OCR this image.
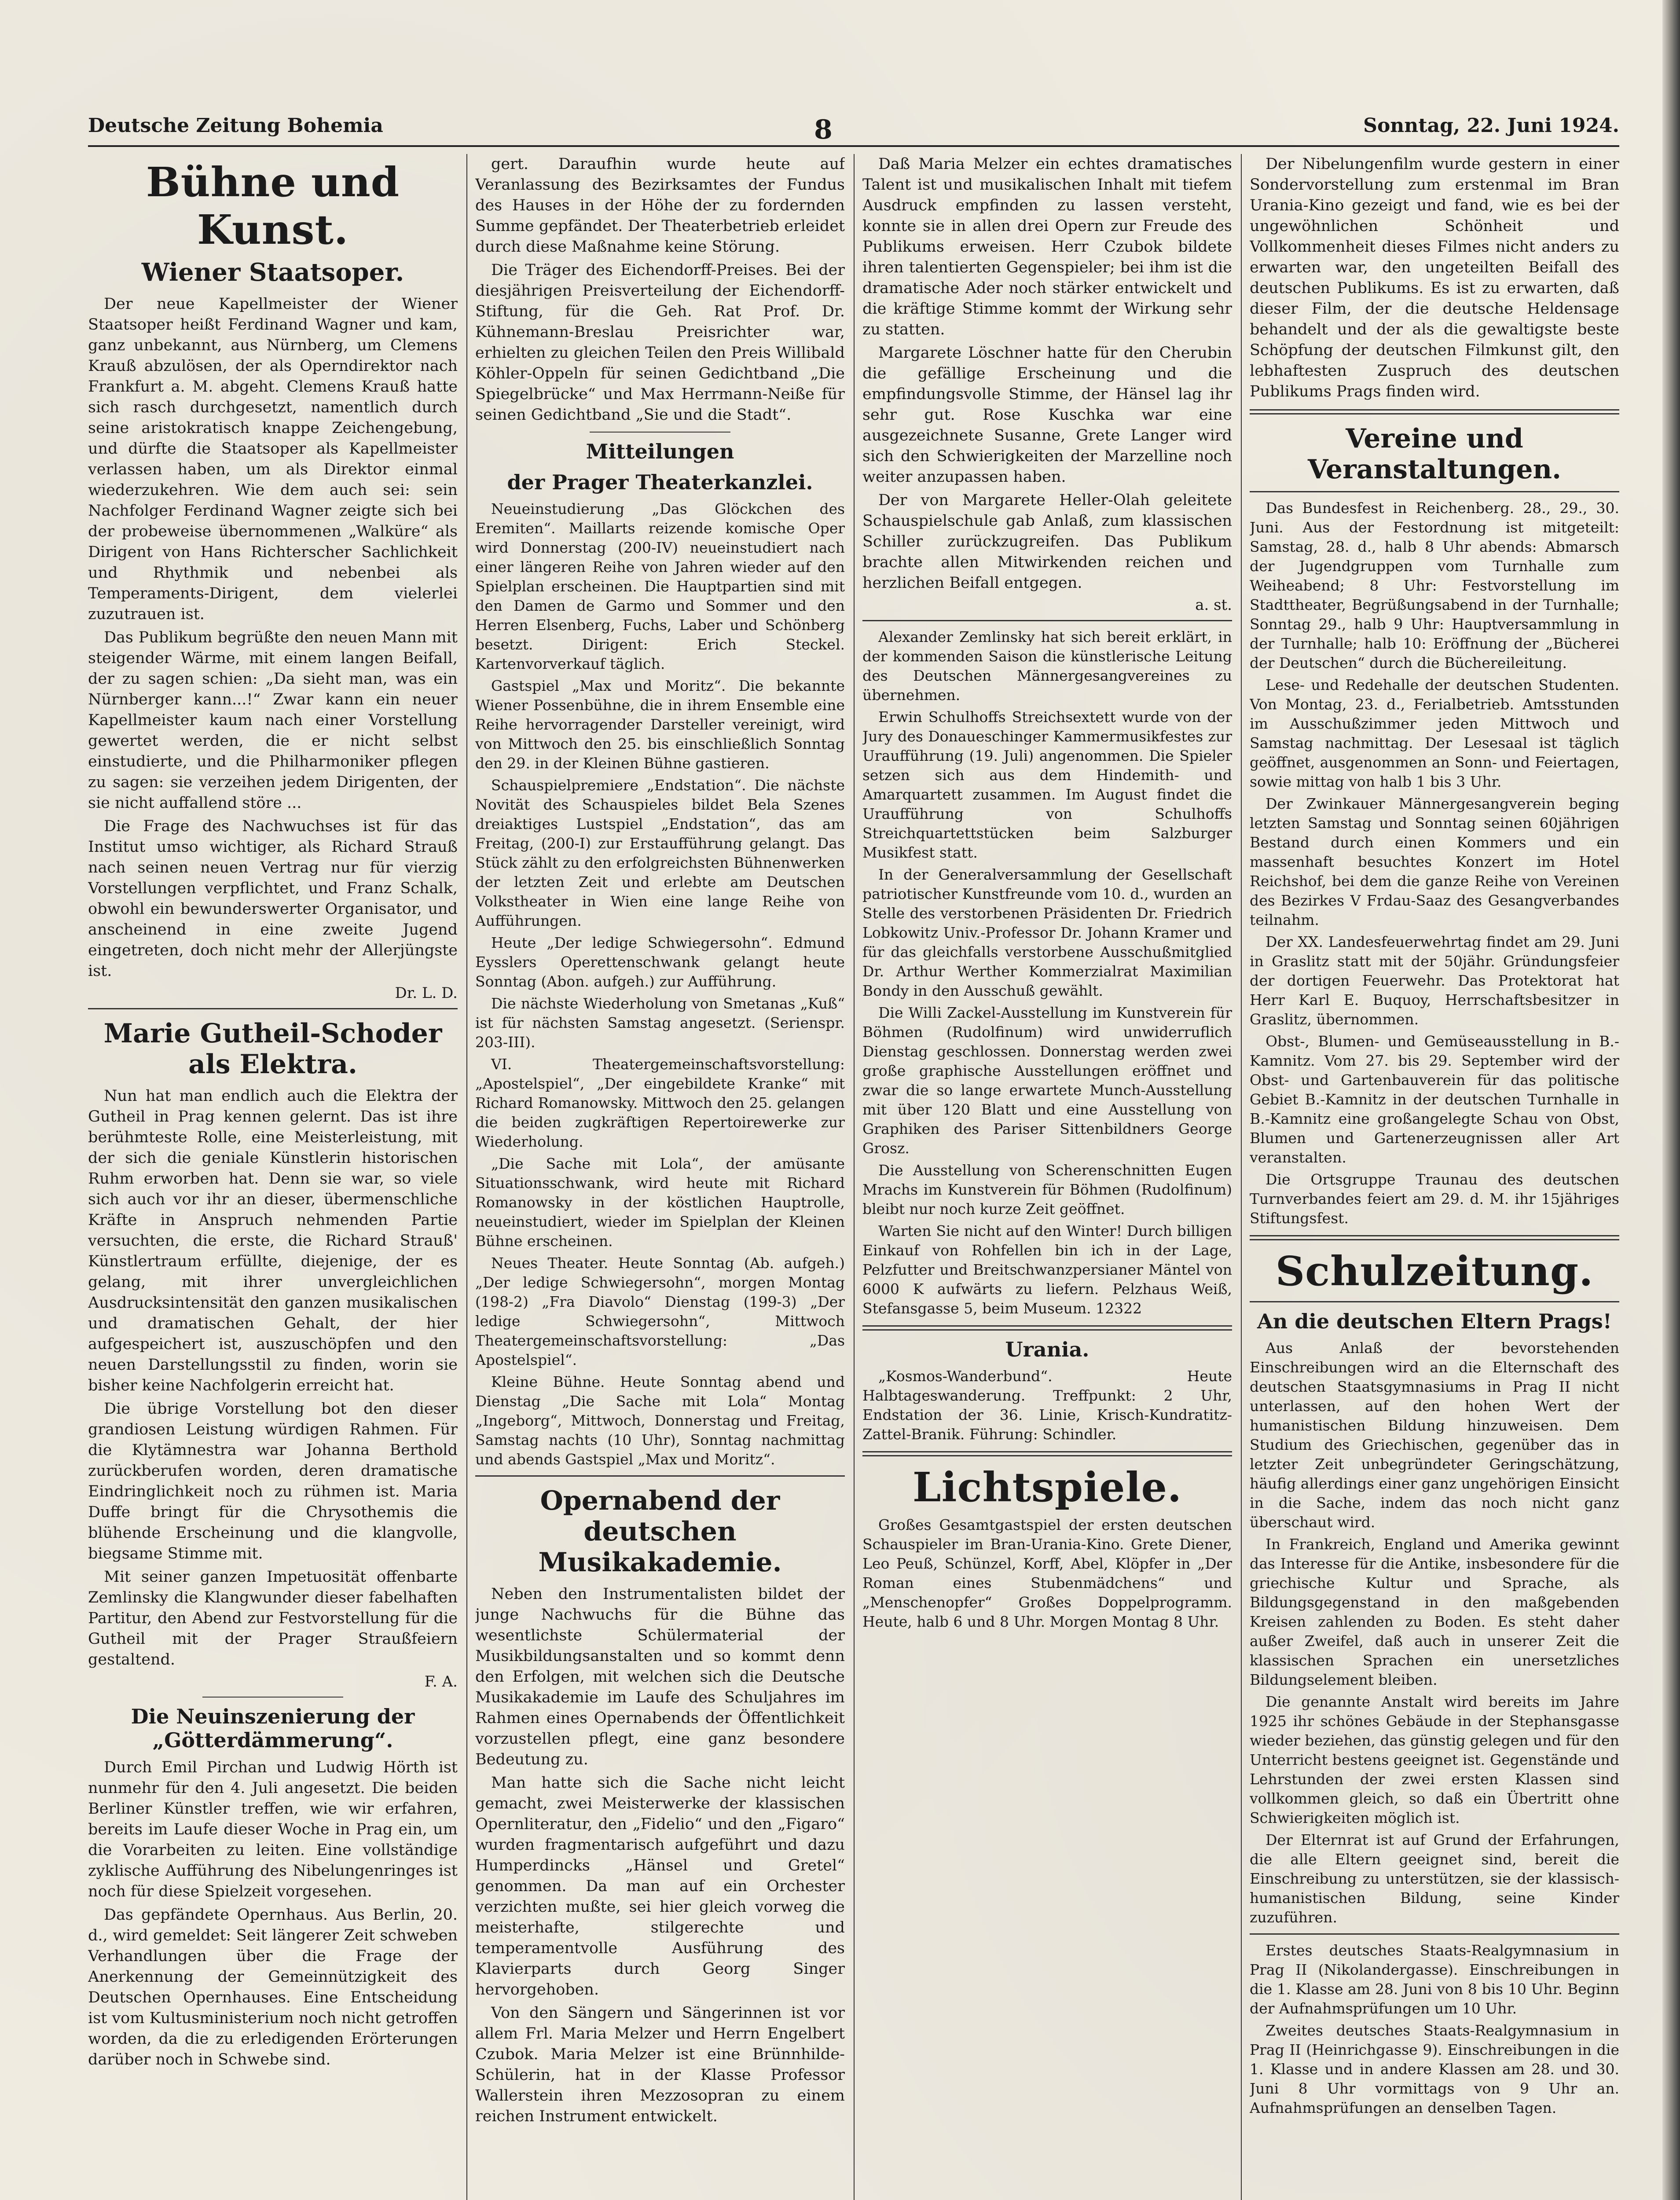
Deutsche Zeitung Bohemia	8	Sonntag, 22. Juni 1924.
Bühne und Kunst.
Wiener Staatsoper.

Der neue Kapellmeister der Wiener Staatsoper heißt Ferdinand Wagner und kam, ganz unbekannt, aus Nürnberg, um Clemens Krauß abzulösen, der als Operndirektor nach Frankfurt a. M. abgeht. Clemens Krauß hatte sich rasch durchgesetzt, namentlich durch seine aristokratisch knappe Zeichengebung, und dürfte die Staatsoper als Kapellmeister verlassen haben, um als Direktor einmal wiederzukehren. Wie dem auch sei: sein Nachfolger Ferdinand Wagner zeigte sich bei der probeweise übernommenen „Walküre“ als Dirigent von Hans Richterscher Sachlichkeit und Rhythmik und nebenbei als Temperaments-Dirigent, dem vielerlei zuzutrauen ist.

Das Publikum begrüßte den neuen Mann mit steigender Wärme, mit einem langen Beifall, der zu sagen schien: „Da sieht man, was ein Nürnberger kann...!“ Zwar kann ein neuer Kapellmeister kaum nach einer Vorstellung gewertet werden, die er nicht selbst einstudierte, und die Philharmoniker pflegen zu sagen: sie verzeihen jedem Dirigenten, der sie nicht auffallend störe ...

Die Frage des Nachwuchses ist für das Institut umso wichtiger, als Richard Strauß nach seinen neuen Vertrag nur für vierzig Vorstellungen verpflichtet, und Franz Schalk, obwohl ein bewunderswerter Organisator, und anscheinend in eine zweite Jugend eingetreten, doch nicht mehr der Allerjüngste ist.

Dr. L. D.
Marie Gutheil-Schoder als Elektra.

Nun hat man endlich auch die Elektra der Gutheil in Prag kennen gelernt. Das ist ihre berühmteste Rolle, eine Meisterleistung, mit der sich die geniale Künstlerin historischen Ruhm erworben hat. Denn sie war, so viele sich auch vor ihr an dieser, übermenschliche Kräfte in Anspruch nehmenden Partie versuchten, die erste, die Richard Strauß' Künstlertraum erfüllte, diejenige, der es gelang, mit ihrer unvergleichlichen Ausdrucksintensität den ganzen musikalischen und dramatischen Gehalt, der hier aufgespeichert ist, auszuschöpfen und den neuen Darstellungsstil zu finden, worin sie bisher keine Nachfolgerin erreicht hat.

Die übrige Vorstellung bot den dieser grandiosen Leistung würdigen Rahmen. Für die Klytämnestra war Johanna Berthold zurückberufen worden, deren dramatische Eindringlichkeit noch zu rühmen ist. Maria Duffe bringt für die Chrysothemis die blühende Erscheinung und die klangvolle, biegsame Stimme mit.

Mit seiner ganzen Impetuosität offenbarte Zemlinsky die Klangwunder dieser fabelhaften Partitur, den Abend zur Festvorstellung für die Gutheil mit der Prager Straußfeiern gestaltend.

F. A.
Die Neuinszenierung der „Götterdämmerung“.

Durch Emil Pirchan und Ludwig Hörth ist nunmehr für den 4. Juli angesetzt. Die beiden Berliner Künstler treffen, wie wir erfahren, bereits im Laufe dieser Woche in Prag ein, um die Vorarbeiten zu leiten. Eine vollständige zyklische Aufführung des Nibelungenringes ist noch für diese Spielzeit vorgesehen.

Das gepfändete Opernhaus. Aus Berlin, 20. d., wird gemeldet: Seit längerer Zeit schweben Verhandlungen über die Frage der Anerkennung der Gemeinnützigkeit des Deutschen Opernhauses. Eine Entscheidung ist vom Kultusministerium noch nicht getroffen worden, da die zu erledigenden Erörterungen darüber noch in Schwebe sind.

gert. Daraufhin wurde heute auf Veranlassung des Bezirksamtes der Fundus des Hauses in der Höhe der zu fordernden Summe gepfändet. Der Theaterbetrieb erleidet durch diese Maßnahme keine Störung.

Die Träger des Eichendorff-Preises. Bei der diesjährigen Preisverteilung der Eichendorff-Stiftung, für die Geh. Rat Prof. Dr. Kühnemann-Breslau Preisrichter war, erhielten zu gleichen Teilen den Preis Willibald Köhler-Oppeln für seinen Gedichtband „Die Spiegelbrücke“ und Max Herrmann-Neiße für seinen Gedichtband „Sie und die Stadt“.

Mitteilungen
der Prager Theaterkanzlei.

Neueinstudierung „Das Glöckchen des Eremiten“. Maillarts reizende komische Oper wird Donnerstag (200-IV) neueinstudiert nach einer längeren Reihe von Jahren wieder auf den Spielplan erscheinen. Die Hauptpartien sind mit den Damen de Garmo und Sommer und den Herren Elsenberg, Fuchs, Laber und Schönberg besetzt. Dirigent: Erich Steckel. Kartenvorverkauf täglich.

Gastspiel „Max und Moritz“. Die bekannte Wiener Possenbühne, die in ihrem Ensemble eine Reihe hervorragender Darsteller vereinigt, wird von Mittwoch den 25. bis einschließlich Sonntag den 29. in der Kleinen Bühne gastieren.

Schauspielpremiere „Endstation“. Die nächste Novität des Schauspieles bildet Bela Szenes dreiaktiges Lustspiel „Endstation“, das am Freitag, (200-I) zur Erstaufführung gelangt. Das Stück zählt zu den erfolgreichsten Bühnenwerken der letzten Zeit und erlebte am Deutschen Volkstheater in Wien eine lange Reihe von Aufführungen.

Heute „Der ledige Schwiegersohn“. Edmund Eysslers Operettenschwank gelangt heute Sonntag (Abon. aufgeh.) zur Aufführung.

Die nächste Wiederholung von Smetanas „Kuß“ ist für nächsten Samstag angesetzt. (Serienspr. 203-III).

VI. Theatergemeinschaftsvorstellung: „Apostelspiel“, „Der eingebildete Kranke“ mit Richard Romanowsky. Mittwoch den 25. gelangen die beiden zugkräftigen Repertoirewerke zur Wiederholung.

„Die Sache mit Lola“, der amüsante Situationsschwank, wird heute mit Richard Romanowsky in der köstlichen Hauptrolle, neueinstudiert, wieder im Spielplan der Kleinen Bühne erscheinen.

Neues Theater. Heute Sonntag (Ab. aufgeh.) „Der ledige Schwiegersohn“, morgen Montag (198-2) „Fra Diavolo“ Dienstag (199-3) „Der ledige Schwiegersohn“, Mittwoch Theatergemeinschaftsvorstellung: „Das Apostelspiel“.

Kleine Bühne. Heute Sonntag abend und Dienstag „Die Sache mit Lola“ Montag „Ingeborg“, Mittwoch, Donnerstag und Freitag, Samstag nachts (10 Uhr), Sonntag nachmittag und abends Gastspiel „Max und Moritz“.

Opernabend der deutschen Musikakademie.

Neben den Instrumentalisten bildet der junge Nachwuchs für die Bühne das wesentlichste Schülermaterial der Musikbildungsanstalten und so kommt denn den Erfolgen, mit welchen sich die Deutsche Musikakademie im Laufe des Schuljahres im Rahmen eines Opernabends der Öffentlichkeit vorzustellen pflegt, eine ganz besondere Bedeutung zu.

Man hatte sich die Sache nicht leicht gemacht, zwei Meisterwerke der klassischen Opernliteratur, den „Fidelio“ und den „Figaro“ wurden fragmentarisch aufgeführt und dazu Humperdincks „Hänsel und Gretel“ genommen. Da man auf ein Orchester verzichten mußte, sei hier gleich vorweg die meisterhafte, stilgerechte und temperamentvolle Ausführung des Klavierparts durch Georg Singer hervorgehoben.

Von den Sängern und Sängerinnen ist vor allem Frl. Maria Melzer und Herrn Engelbert Czubok. Maria Melzer ist eine Brünnhilde-Schülerin, hat in der Klasse Professor Wallerstein ihren Mezzosopran zu einem reichen Instrument entwickelt.

Daß Maria Melzer ein echtes dramatisches Talent ist und musikalischen Inhalt mit tiefem Ausdruck empfinden zu lassen versteht, konnte sie in allen drei Opern zur Freude des Publikums erweisen. Herr Czubok bildete ihren talentierten Gegenspieler; bei ihm ist die dramatische Ader noch stärker entwickelt und die kräftige Stimme kommt der Wirkung sehr zu statten.

Margarete Löschner hatte für den Cherubin die gefällige Erscheinung und die empfindungsvolle Stimme, der Hänsel lag ihr sehr gut. Rose Kuschka war eine ausgezeichnete Susanne, Grete Langer wird sich den Schwierigkeiten der Marzelline noch weiter anzupassen haben.

Der von Margarete Heller-Olah geleitete Schauspielschule gab Anlaß, zum klassischen Schiller zurückzugreifen. Das Publikum brachte allen Mitwirkenden reichen und herzlichen Beifall entgegen.

a. st.

Alexander Zemlinsky hat sich bereit erklärt, in der kommenden Saison die künstlerische Leitung des Deutschen Männergesangvereines zu übernehmen.

Erwin Schulhoffs Streichsextett wurde von der Jury des Donaueschinger Kammermusikfestes zur Uraufführung (19. Juli) angenommen. Die Spieler setzen sich aus dem Hindemith- und Amarquartett zusammen. Im August findet die Uraufführung von Schulhoffs Streichquartettstücken beim Salzburger Musikfest statt.

In der Generalversammlung der Gesellschaft patriotischer Kunstfreunde vom 10. d., wurden an Stelle des verstorbenen Präsidenten Dr. Friedrich Lobkowitz Univ.-Professor Dr. Johann Kramer und für das gleichfalls verstorbene Ausschußmitglied Dr. Arthur Werther Kommerzialrat Maximilian Bondy in den Ausschuß gewählt.

Die Willi Zackel-Ausstellung im Kunstverein für Böhmen (Rudolfinum) wird unwiderruflich Dienstag geschlossen. Donnerstag werden zwei große graphische Ausstellungen eröffnet und zwar die so lange erwartete Munch-Ausstellung mit über 120 Blatt und eine Ausstellung von Graphiken des Pariser Sittenbildners George Grosz.

Die Ausstellung von Scherenschnitten Eugen Mrachs im Kunstverein für Böhmen (Rudolfinum) bleibt nur noch kurze Zeit geöffnet.

Warten Sie nicht auf den Winter! Durch billigen Einkauf von Rohfellen bin ich in der Lage, Pelzfutter und Breitschwanzpersianer Mäntel von 6000 K aufwärts zu liefern. Pelzhaus Weiß, Stefansgasse 5, beim Museum. 12322

Urania.

„Kosmos-Wanderbund“. Heute Halbtageswanderung. Treffpunkt: 2 Uhr, Endstation der 36. Linie, Krisch-Kundratitz-Zattel-Branik. Führung: Schindler.

Lichtspiele.

Großes Gesamtgastspiel der ersten deutschen Schauspieler im Bran-Urania-Kino. Grete Diener, Leo Peuß, Schünzel, Korff, Abel, Klöpfer in „Der Roman eines Stubenmädchens“ und „Menschenopfer“ Großes Doppelprogramm. Heute, halb 6 und 8 Uhr. Morgen Montag 8 Uhr.

Der Nibelungenfilm wurde gestern in einer Sondervorstellung zum erstenmal im Bran Urania-Kino gezeigt und fand, wie es bei der ungewöhnlichen Schönheit und Vollkommenheit dieses Filmes nicht anders zu erwarten war, den ungeteilten Beifall des deutschen Publikums. Es ist zu erwarten, daß dieser Film, der die deutsche Heldensage behandelt und der als die gewaltigste beste Schöpfung der deutschen Filmkunst gilt, den lebhaftesten Zuspruch des deutschen Publikums Prags finden wird.

Vereine und Veranstaltungen.

Das Bundesfest in Reichenberg. 28., 29., 30. Juni. Aus der Festordnung ist mitgeteilt: Samstag, 28. d., halb 8 Uhr abends: Abmarsch der Jugendgruppen vom Turnhalle zum Weiheabend; 8 Uhr: Festvorstellung im Stadttheater, Begrüßungsabend in der Turnhalle; Sonntag 29., halb 9 Uhr: Hauptversammlung in der Turnhalle; halb 10: Eröffnung der „Bücherei der Deutschen“ durch die Büchereileitung.

Lese- und Redehalle der deutschen Studenten. Von Montag, 23. d., Ferialbetrieb. Amtsstunden im Ausschußzimmer jeden Mittwoch und Samstag nachmittag. Der Lesesaal ist täglich geöffnet, ausgenommen an Sonn- und Feiertagen, sowie mittag von halb 1 bis 3 Uhr.

Der Zwinkauer Männergesangverein beging letzten Samstag und Sonntag seinen 60jährigen Bestand durch einen Kommers und ein massenhaft besuchtes Konzert im Hotel Reichshof, bei dem die ganze Reihe von Vereinen des Bezirkes V Frdau-Saaz des Gesangverbandes teilnahm.

Der XX. Landesfeuerwehrtag findet am 29. Juni in Graslitz statt mit der 50jähr. Gründungsfeier der dortigen Feuerwehr. Das Protektorat hat Herr Karl E. Buquoy, Herrschaftsbesitzer in Graslitz, übernommen.

Obst-, Blumen- und Gemüseausstellung in B.-Kamnitz. Vom 27. bis 29. September wird der Obst- und Gartenbauverein für das politische Gebiet B.-Kamnitz in der deutschen Turnhalle in B.-Kamnitz eine großangelegte Schau von Obst, Blumen und Gartenerzeugnissen aller Art veranstalten.

Die Ortsgruppe Traunau des deutschen Turnverbandes feiert am 29. d. M. ihr 15jähriges Stiftungsfest.

Schulzeitung.
An die deutschen Eltern Prags!

Aus Anlaß der bevorstehenden Einschreibungen wird an die Elternschaft des deutschen Staatsgymnasiums in Prag II nicht unterlassen, auf den hohen Wert der humanistischen Bildung hinzuweisen. Dem Studium des Griechischen, gegenüber das in letzter Zeit unbegründeter Geringschätzung, häufig allerdings einer ganz ungehörigen Einsicht in die Sache, indem das noch nicht ganz überschaut wird.

In Frankreich, England und Amerika gewinnt das Interesse für die Antike, insbesondere für die griechische Kultur und Sprache, als Bildungsgegenstand in den maßgebenden Kreisen zahlenden zu Boden. Es steht daher außer Zweifel, daß auch in unserer Zeit die klassischen Sprachen ein unersetzliches Bildungselement bleiben.

Die genannte Anstalt wird bereits im Jahre 1925 ihr schönes Gebäude in der Stephansgasse wieder beziehen, das günstig gelegen und für den Unterricht bestens geeignet ist. Gegenstände und Lehrstunden der zwei ersten Klassen sind vollkommen gleich, so daß ein Übertritt ohne Schwierigkeiten möglich ist.

Der Elternrat ist auf Grund der Erfahrungen, die alle Eltern geeignet sind, bereit die Einschreibung zu unterstützen, sie der klassisch-humanistischen Bildung, seine Kinder zuzuführen.

Erstes deutsches Staats-Realgymnasium in Prag II (Nikolandergasse). Einschreibungen in die 1. Klasse am 28. Juni von 8 bis 10 Uhr. Beginn der Aufnahmsprüfungen um 10 Uhr.

Zweites deutsches Staats-Realgymnasium in Prag II (Heinrichgasse 9). Einschreibungen in die 1. Klasse und in andere Klassen am 28. und 30. Juni 8 Uhr vormittags von 9 Uhr an. Aufnahmsprüfungen an denselben Tagen.
